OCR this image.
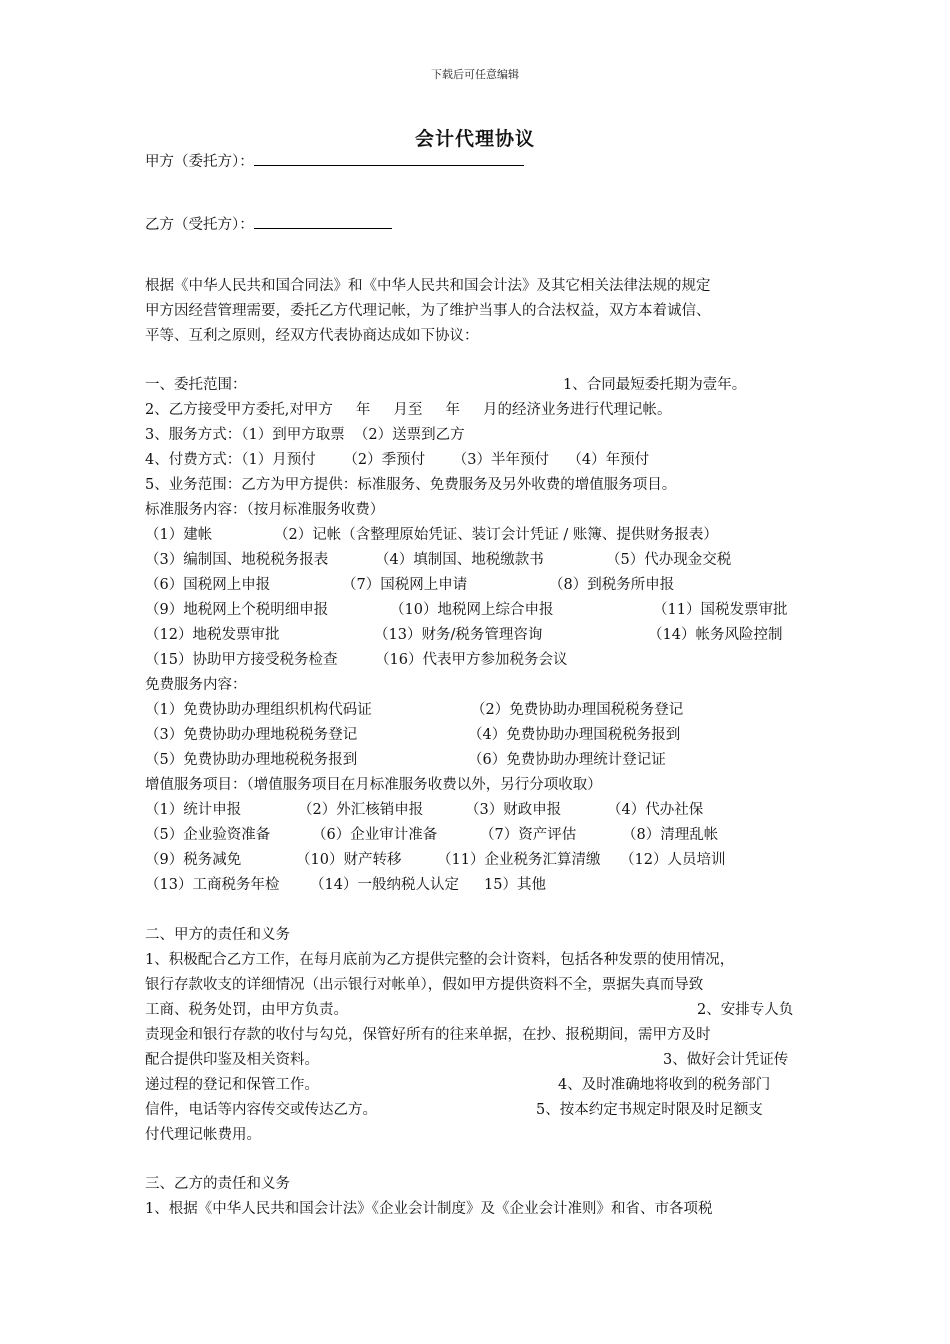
下载后可任意编辑
会计代理协议
甲方（委托方）：
乙方（受托方）：
根据《中华人民共和国合同法》和《中华人民共和国会计法》及其它相关法律法规的规定
甲方因经营管理需要，委托乙方代理记帐，为了维护当事人的合法权益，双方本着诚信、
平等、互利之原则，经双方代表协商达成如下协议：
一、委托范围：	1、合同最短委托期为壹年。
2、乙方接受甲方委托,对甲方     年     月至     年     月的经济业务进行代理记帐。
3、服务方式：（1）到甲方取票  （2）送票到乙方
4、付费方式：（1）月预付      （2）季预付      （3）半年预付    （4）年预付
5、业务范围：乙方为甲方提供：标准服务、免费服务及另外收费的增值服务项目。
标准服务内容：（按月标准服务收费）
（1）建帐	（2）记帐（含整理原始凭证、装订会计凭证 / 账簿、提供财务报表）
（3）编制国、地税税务报表	（4）填制国、地税缴款书	（5）代办现金交税
（6）国税网上申报	（7）国税网上申请	（8）到税务所申报
（9）地税网上个税明细申报	（10）地税网上综合申报	（11）国税发票审批
（12）地税发票审批	（13）财务/税务管理咨询	（14）帐务风险控制
（15）协助甲方接受税务检查	（16）代表甲方参加税务会议
免费服务内容：
（1）免费协助办理组织机构代码证	（2）免费协助办理国税税务登记
（3）免费协助办理地税税务登记	（4）免费协助办理国税税务报到
（5）免费协助办理地税税务报到	（6）免费协助办理统计登记证
增值服务项目：（增值服务项目在月标准服务收费以外，另行分项收取）
（1）统计申报	（2）外汇核销申报	（3）财政申报	（4）代办社保
（5）企业验资准备	（6）企业审计准备	（7）资产评估	（8）清理乱帐
（9）税务减免	（10）财产转移 （11）企业税务汇算清缴 （12）人员培训
（13）工商税务年检 （14）一般纳税人认定 15）其他
二、甲方的责任和义务
1、积极配合乙方工作，在每月底前为乙方提供完整的会计资料，包括各种发票的使用情况，
银行存款收支的详细情况（出示银行对帐单），假如甲方提供资料不全，票据失真而导致
工商、税务处罚，由甲方负责。	2、安排专人负
责现金和银行存款的收付与勾兑，保管好所有的往来单据，在抄、报税期间，需甲方及时
配合提供印鉴及相关资料。	3、做好会计凭证传
递过程的登记和保管工作。	4、及时准确地将收到的税务部门
信件，电话等内容传交或传达乙方。	5、按本约定书规定时限及时足额支
付代理记帐费用。
三、乙方的责任和义务
1、根据《中华人民共和国会计法》《企业会计制度》及《企业会计准则》和省、市各项税
